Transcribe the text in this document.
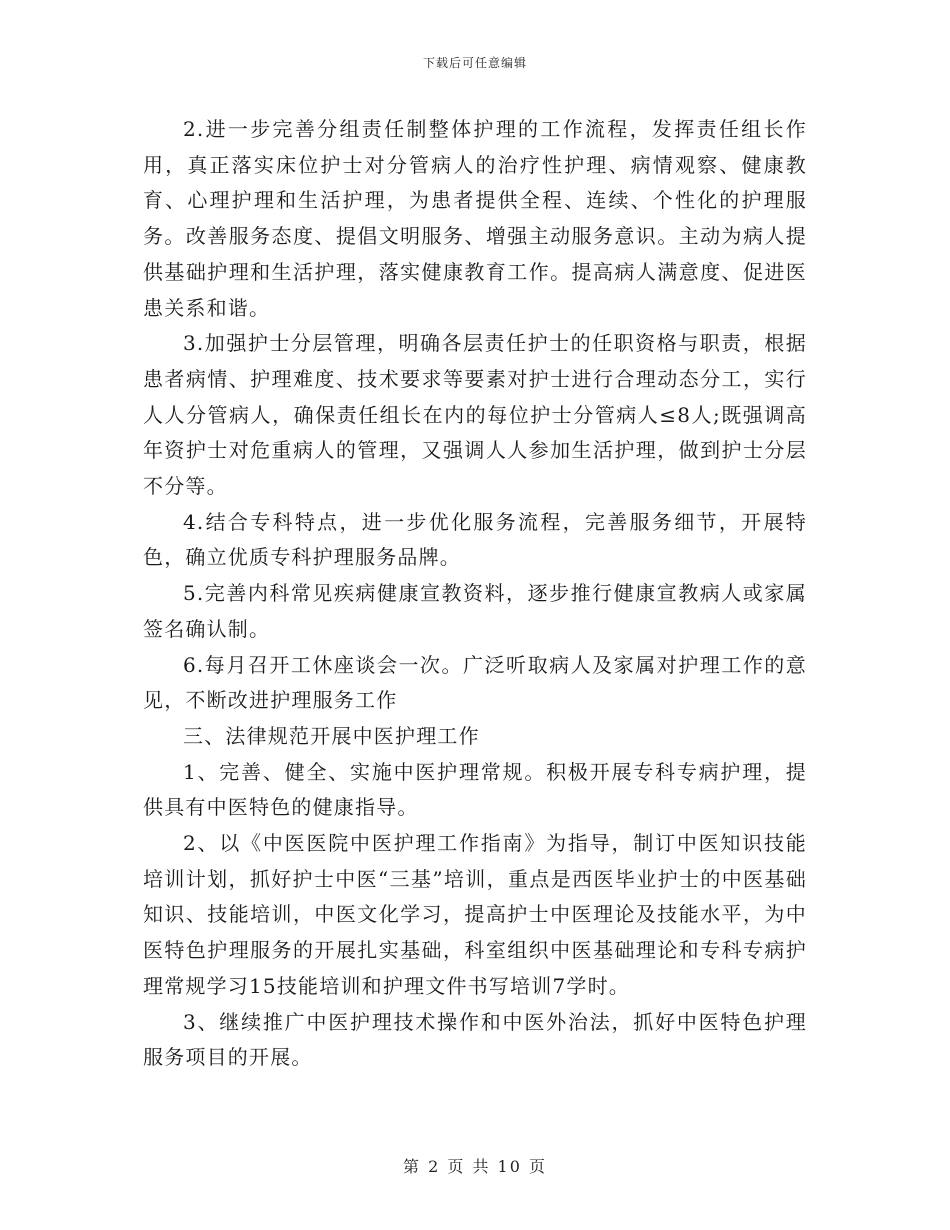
下载后可任意编辑

2.进一步完善分组责任制整体护理的工作流程，发挥责任组长作用，真正落实床位护士对分管病人的治疗性护理、病情观察、健康教育、心理护理和生活护理，为患者提供全程、连续、个性化的护理服务。改善服务态度、提倡文明服务、增强主动服务意识。主动为病人提供基础护理和生活护理，落实健康教育工作。提高病人满意度、促进医患关系和谐。

3.加强护士分层管理，明确各层责任护士的任职资格与职责，根据患者病情、护理难度、技术要求等要素对护士进行合理动态分工，实行人人分管病人，确保责任组长在内的每位护士分管病人≤8人;既强调高年资护士对危重病人的管理，又强调人人参加生活护理，做到护士分层不分等。

4.结合专科特点，进一步优化服务流程，完善服务细节，开展特色，确立优质专科护理服务品牌。

5.完善内科常见疾病健康宣教资料，逐步推行健康宣教病人或家属签名确认制。

6.每月召开工休座谈会一次。广泛听取病人及家属对护理工作的意见，不断改进护理服务工作

三、法律规范开展中医护理工作

1、完善、健全、实施中医护理常规。积极开展专科专病护理，提供具有中医特色的健康指导。

2、以《中医医院中医护理工作指南》为指导，制订中医知识技能培训计划，抓好护士中医“三基”培训，重点是西医毕业护士的中医基础知识、技能培训，中医文化学习，提高护士中医理论及技能水平，为中医特色护理服务的开展扎实基础，科室组织中医基础理论和专科专病护理常规学习15技能培训和护理文件书写培训7学时。

3、继续推广中医护理技术操作和中医外治法，抓好中医特色护理服务项目的开展。

第 2 页 共 10 页
